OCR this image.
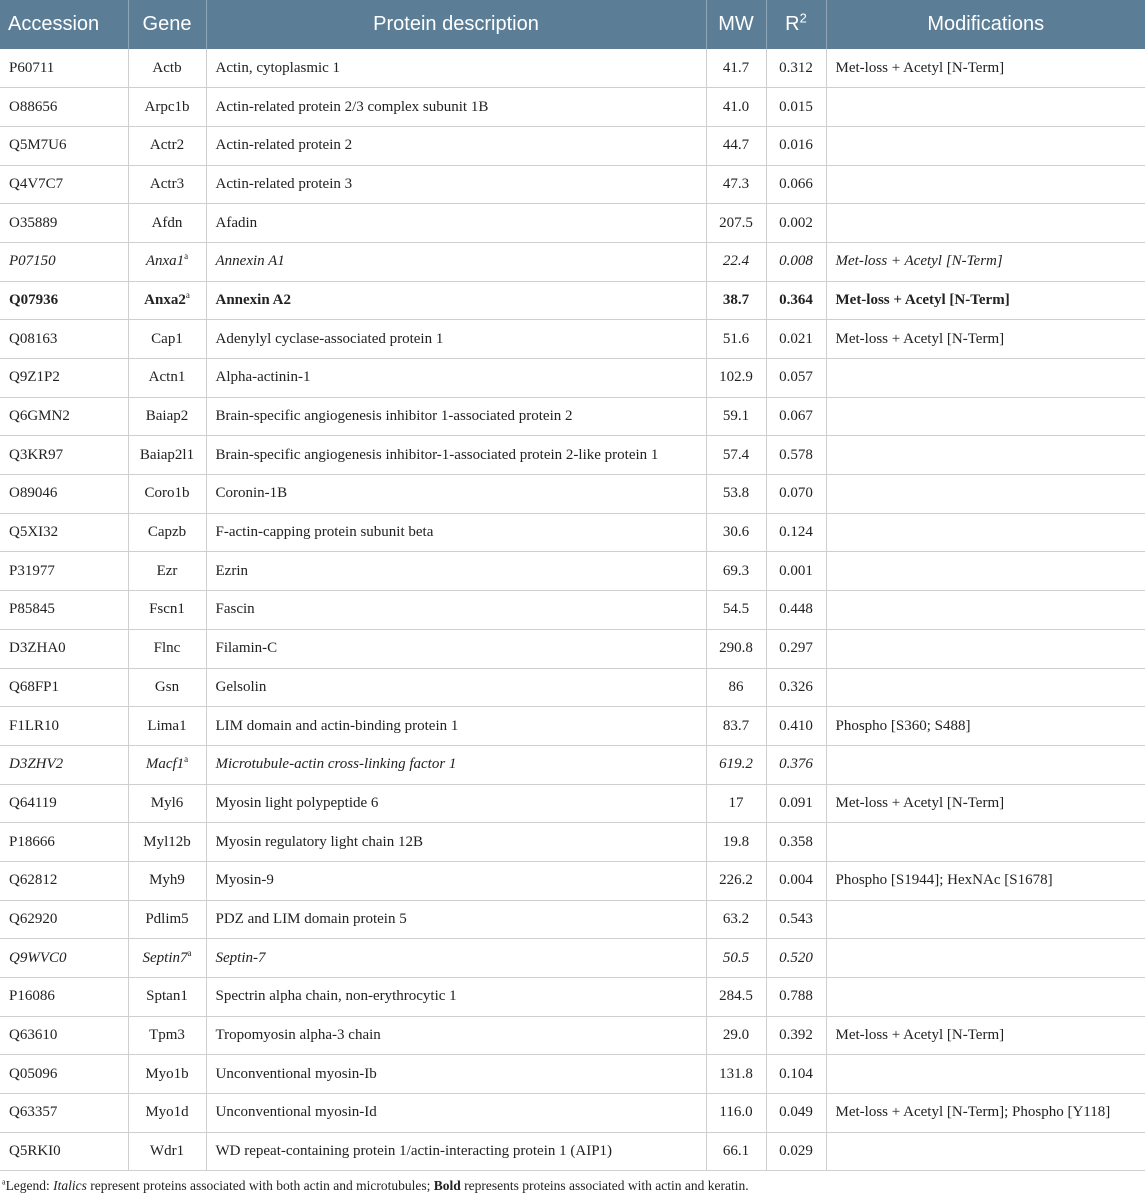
Accession	Gene	Protein description	MW	$R^2$	Modifications
P60711	Actb	Actin, cytoplasmic 1	41.7	0.312	Met-loss + Acetyl [N-Term]
O88656	Arpc1b	Actin-related protein 2/3 complex subunit 1B	41.0	0.015	
Q5M7U6	Actr2	Actin-related protein 2	44.7	0.016	
Q4V7C7	Actr3	Actin-related protein 3	47.3	0.066	
O35889	Afdn	Afadin	207.5	0.002	
P07150	Anxa1$^a$	Annexin A1	22.4	0.008	Met-loss + Acetyl [N-Term]
Q07936	Anxa2$^a$	Annexin A2	38.7	0.364	Met-loss + Acetyl [N-Term]
Q08163	Cap1	Adenylyl cyclase-associated protein 1	51.6	0.021	Met-loss + Acetyl [N-Term]
Q9Z1P2	Actn1	Alpha-actinin-1	102.9	0.057	
Q6GMN2	Baiap2	Brain-specific angiogenesis inhibitor 1-associated protein 2	59.1	0.067	
Q3KR97	Baiap2l1	Brain-specific angiogenesis inhibitor-1-associated protein 2-like protein 1	57.4	0.578	
O89046	Coro1b	Coronin-1B	53.8	0.070	
Q5XI32	Capzb	F-actin-capping protein subunit beta	30.6	0.124	
P31977	Ezr	Ezrin	69.3	0.001	
P85845	Fscn1	Fascin	54.5	0.448	
D3ZHA0	Flnc	Filamin-C	290.8	0.297	
Q68FP1	Gsn	Gelsolin	86	0.326	
F1LR10	Lima1	LIM domain and actin-binding protein 1	83.7	0.410	Phospho [S360; S488]
D3ZHV2	Macf1$^a$	Microtubule-actin cross-linking factor 1	619.2	0.376	
Q64119	Myl6	Myosin light polypeptide 6	17	0.091	Met-loss + Acetyl [N-Term]
P18666	Myl12b	Myosin regulatory light chain 12B	19.8	0.358	
Q62812	Myh9	Myosin-9	226.2	0.004	Phospho [S1944]; HexNAc [S1678]
Q62920	Pdlim5	PDZ and LIM domain protein 5	63.2	0.543	
Q9WVC0	Septin7$^a$	Septin-7	50.5	0.520	
P16086	Sptan1	Spectrin alpha chain, non-erythrocytic 1	284.5	0.788	
Q63610	Tpm3	Tropomyosin alpha-3 chain	29.0	0.392	Met-loss + Acetyl [N-Term]
Q05096	Myo1b	Unconventional myosin-Ib	131.8	0.104	
Q63357	Myo1d	Unconventional myosin-Id	116.0	0.049	Met-loss + Acetyl [N-Term]; Phospho [Y118]
Q5RKI0	Wdr1	WD repeat-containing protein 1/actin-interacting protein 1 (AIP1)	66.1	0.029	
$^a$Legend: Italics represent proteins associated with both actin and microtubules; Bold represents proteins associated with actin and keratin.
